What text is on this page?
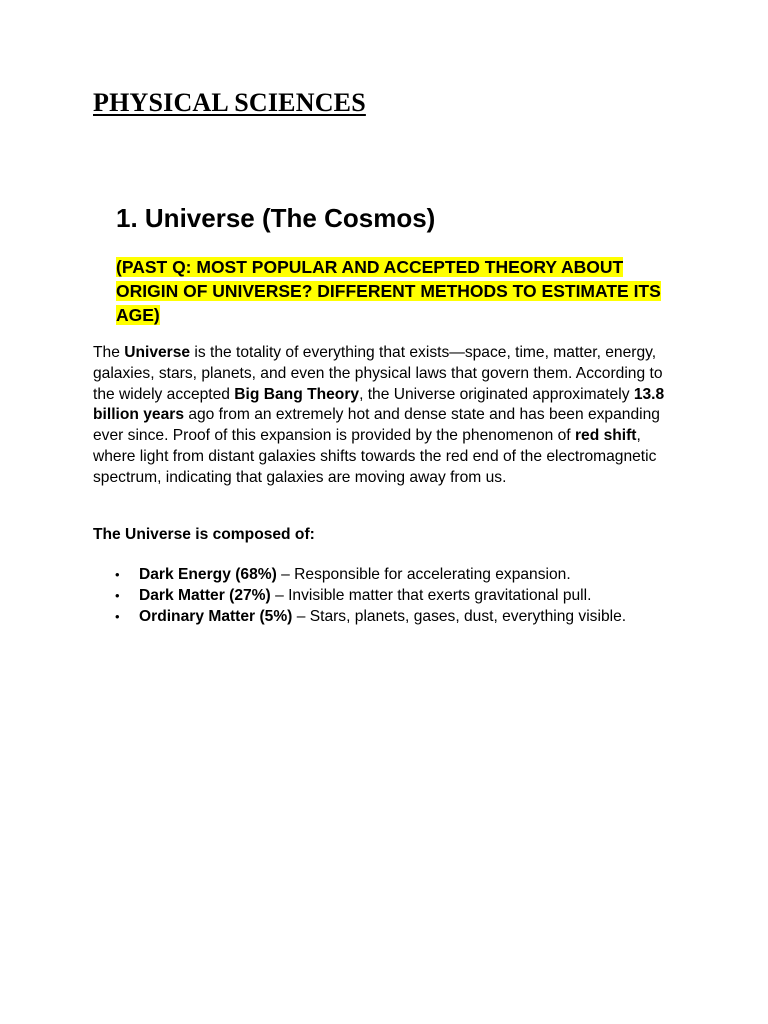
PHYSICAL SCIENCES
1. Universe (The Cosmos)

(PAST Q: MOST POPULAR AND ACCEPTED THEORY ABOUT ORIGIN OF UNIVERSE? DIFFERENT METHODS TO ESTIMATE ITS AGE)

The Universe is the totality of everything that exists—space, time, matter, energy, galaxies, stars, planets, and even the physical laws that govern them. According to the widely accepted Big Bang Theory, the Universe originated approximately 13.8 billion years ago from an extremely hot and dense state and has been expanding ever since. Proof of this expansion is provided by the phenomenon of red shift, where light from distant galaxies shifts towards the red end of the electromagnetic spectrum, indicating that galaxies are moving away from us.

The Universe is composed of:

• Dark Energy (68%) – Responsible for accelerating expansion.
• Dark Matter (27%) – Invisible matter that exerts gravitational pull.
• Ordinary Matter (5%) – Stars, planets, gases, dust, everything visible.
